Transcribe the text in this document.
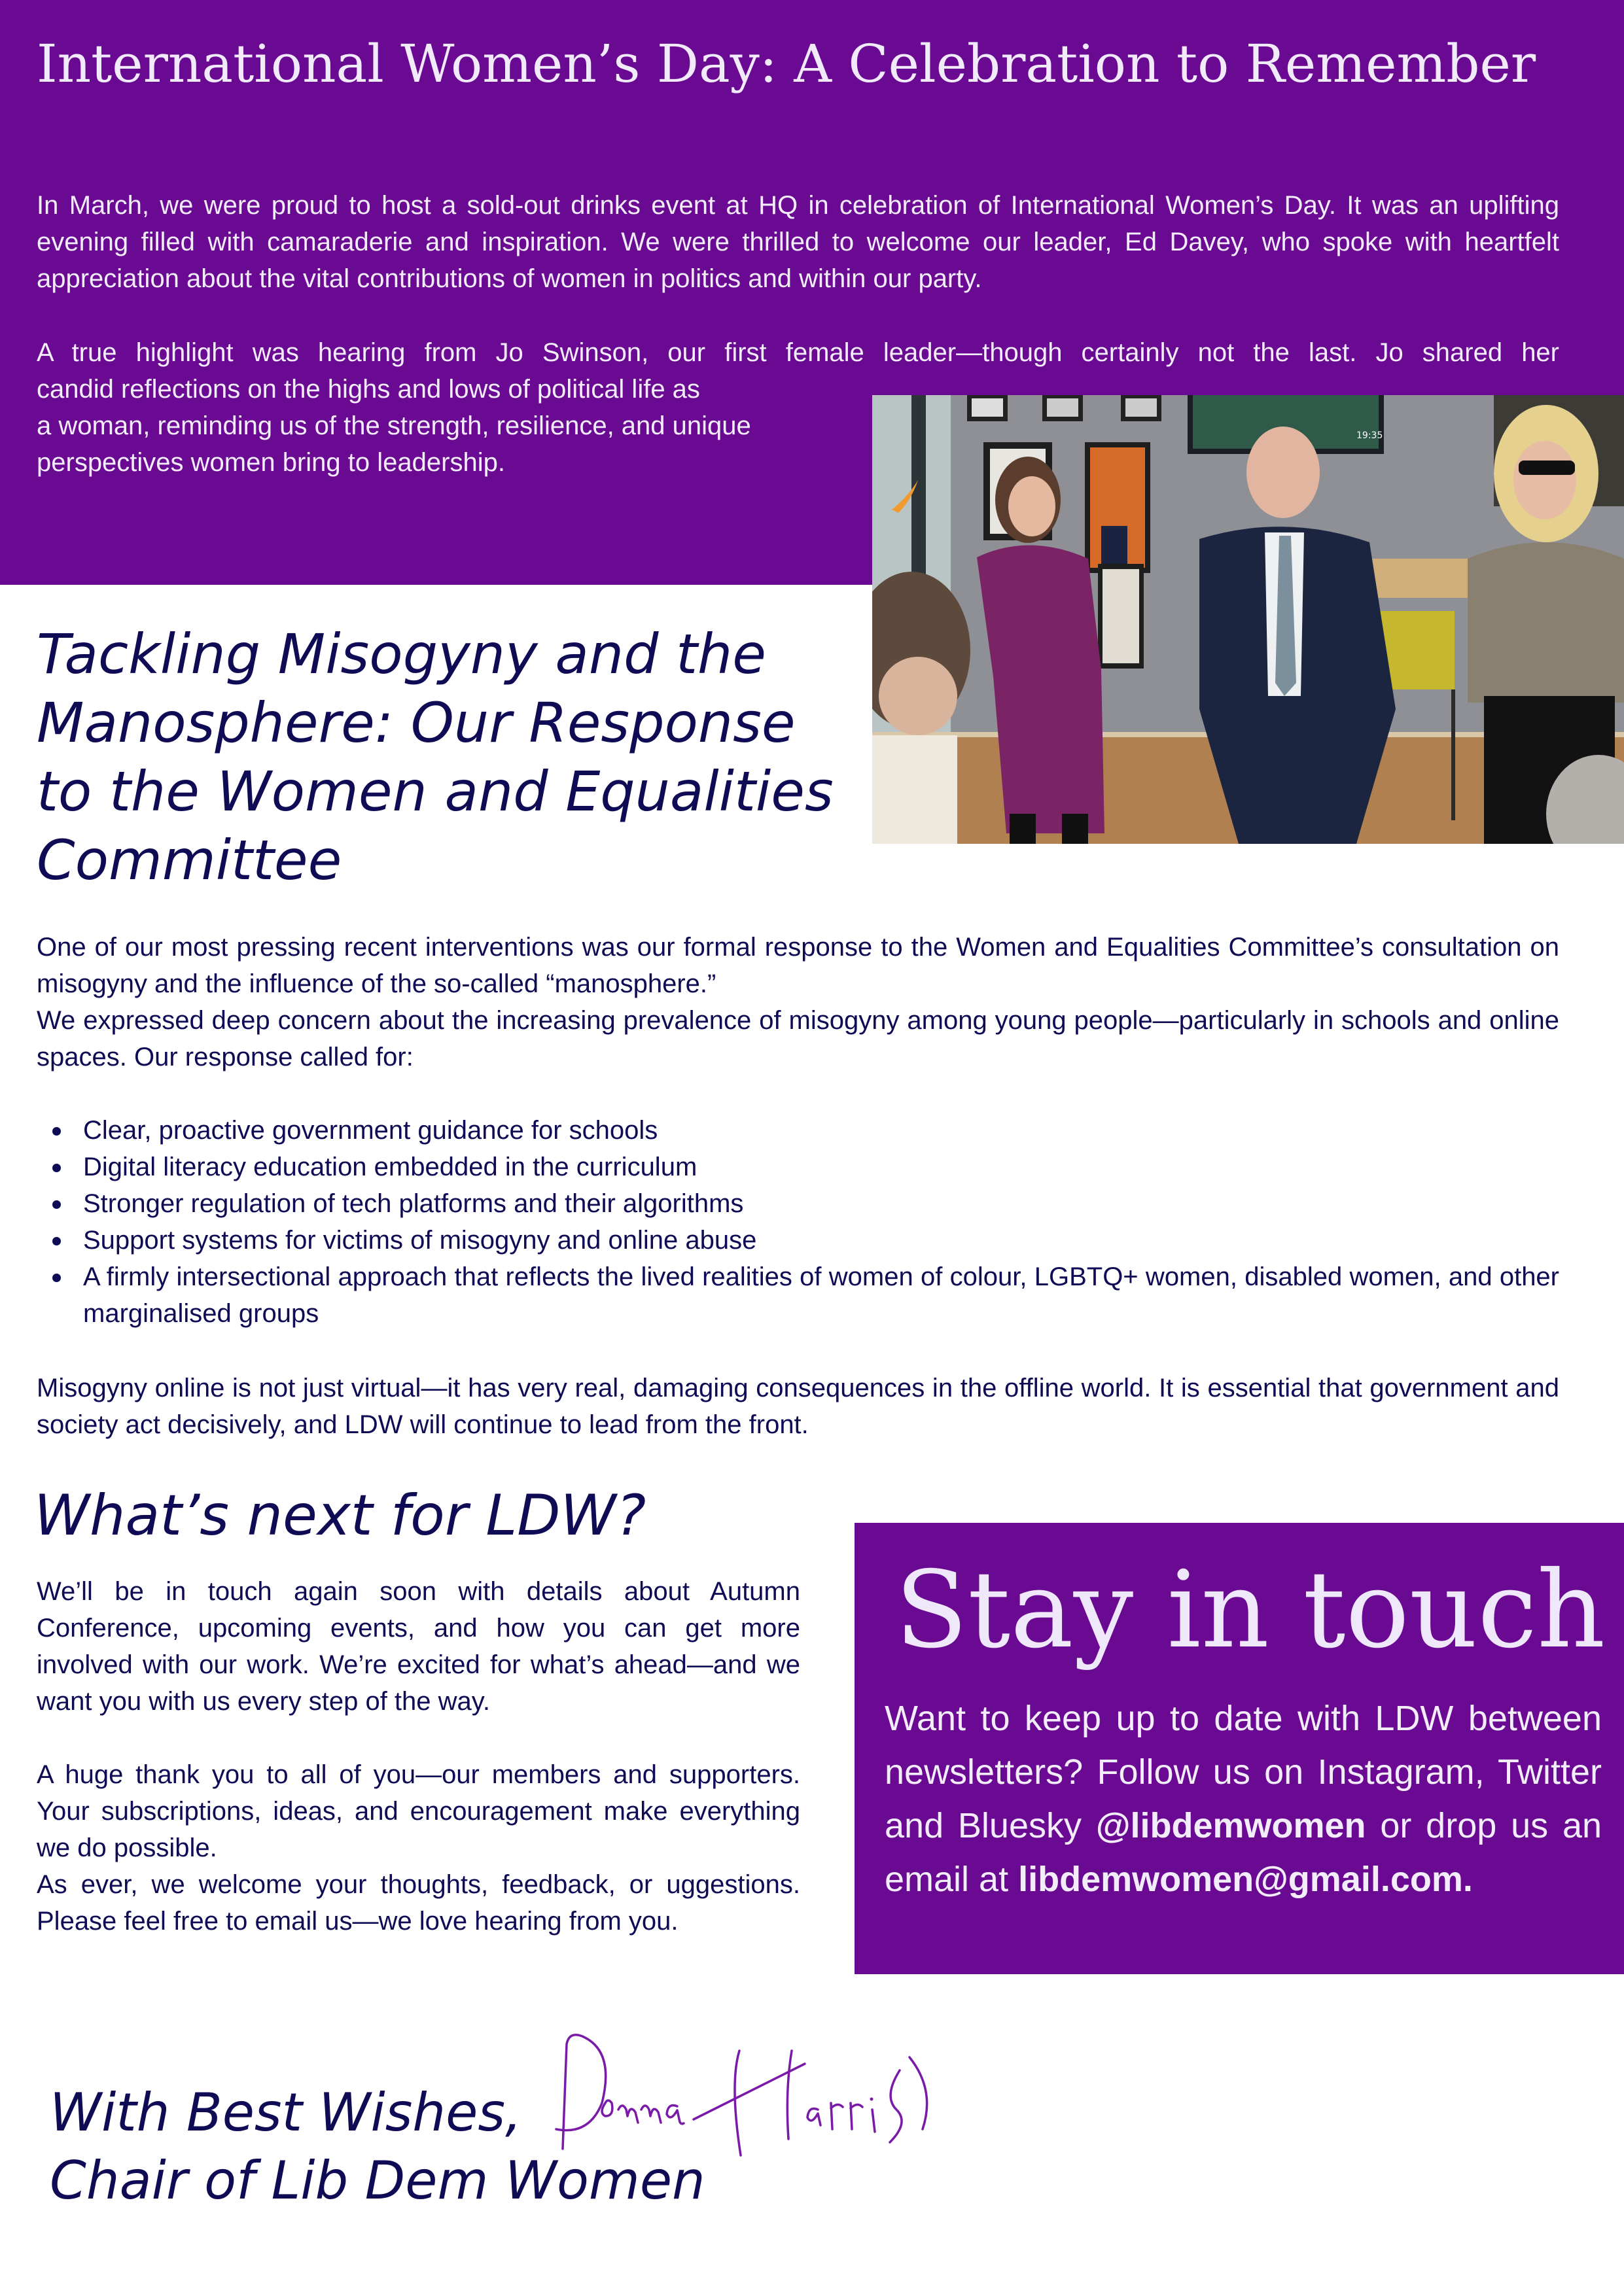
International Women’s Day: A Celebration to Remember

In March, we were proud to host a sold-out drinks event at HQ in celebration of International Women’s Day. It was an uplifting evening filled with camaraderie and inspiration. We were thrilled to welcome our leader, Ed Davey, who spoke with heartfelt appreciation about the vital contributions of women in politics and within our party.

A true highlight was hearing from Jo Swinson, our first female leader—though certainly not the last. Jo shared her

candid reflections on the highs and lows of political life as
a woman, reminding us of the strength, resilience, and unique
perspectives women bring to leadership.
19:35
Tackling Misogyny and the Manosphere: Our Response to the Women and Equalities Committee
One of our most pressing recent interventions was our formal response to the Women and Equalities Committee’s consultation on misogyny and the influence of the so-called “manosphere.”
We expressed deep concern about the increasing prevalence of misogyny among young people—particularly in schools and online spaces. Our response called for:
Clear, proactive government guidance for schools
Digital literacy education embedded in the curriculum
Stronger regulation of tech platforms and their algorithms
Support systems for victims of misogyny and online abuse
A firmly intersectional approach that reflects the lived realities of women of colour, LGBTQ+ women, disabled women, and other marginalised groups

Misogyny online is not just virtual—it has very real, damaging consequences in the offline world. It is essential that government and society act decisively, and LDW will continue to lead from the front.

What’s next for LDW?

We’ll be in touch again soon with details about Autumn Conference, upcoming events, and how you can get more involved with our work. We’re excited for what’s ahead—and we want you with us every step of the way.

A huge thank you to all of you—our members and supporters. Your subscriptions, ideas, and encouragement make everything we do possible.

As ever, we welcome your thoughts, feedback, or uggestions. Please feel free to email us—we love hearing from you.

Stay in touch

Want to keep up to date with LDW between newsletters? Follow us on Instagram, Twitter and Bluesky @libdemwomen or drop us an email at libdemwomen@gmail.com.

With Best Wishes,
Chair of Lib Dem Women
